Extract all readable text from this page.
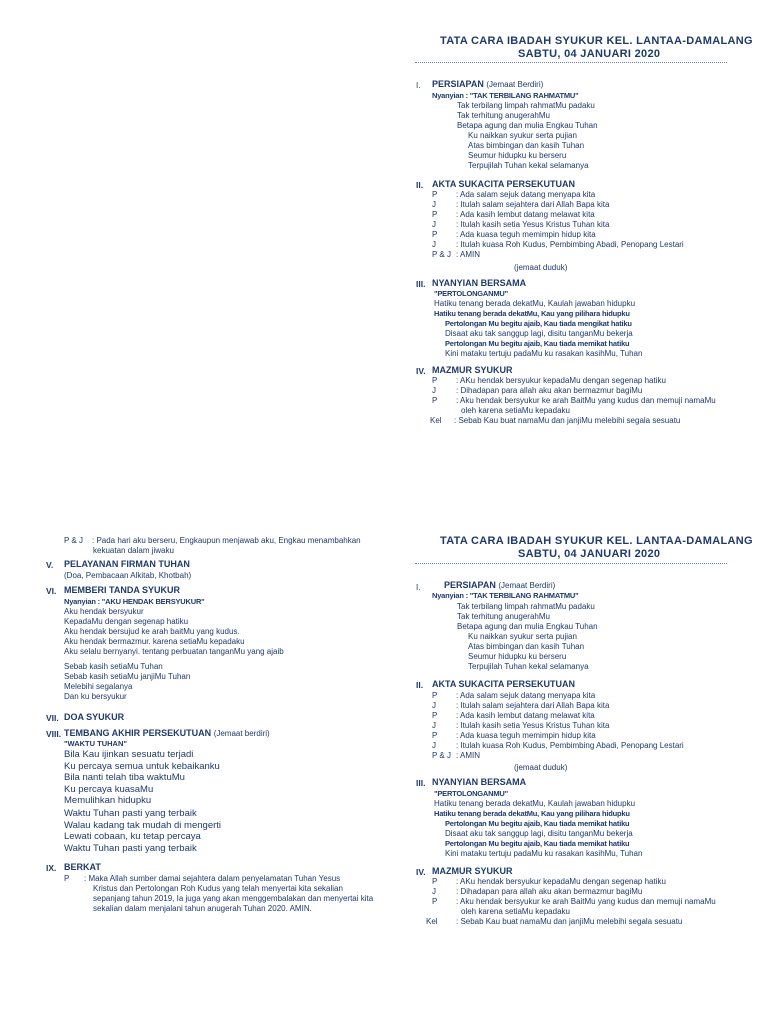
TATA CARA IBADAH SYUKUR KEL. LANTAA-DAMALANG
SABTU, 04 JANUARI 2020
I. PERSIAPAN (Jemaat Berdiri)
Nyanyian : "TAK TERBILANG RAHMATMU"
Tak terbilang limpah rahmatMu padaku
Tak terhitung anugerahMu
Betapa agung dan mulia Engkau Tuhan
Ku naikkan syukur serta pujian
Atas bimbingan dan kasih Tuhan
Seumur hidupku ku berseru
Terpujilah Tuhan kekal selamanya
II. AKTA SUKACITA PERSEKUTUAN
P : Ada salam sejuk datang menyapa kita
J	: Itulah salam sejahtera dari Allah Bapa kita
P : Ada kasih lembut datang melawat kita
J	: Itulah kasih setia Yesus Kristus Tuhan kita
P : Ada kuasa teguh memimpin hidup kita
J	: Itulah kuasa Roh Kudus, Pembimbing Abadi, Penopang Lestari
P & J : AMIN
(jemaat duduk)
III. NYANYIAN BERSAMA
"PERTOLONGANMU"
Hatiku tenang berada dekatMu, Kaulah jawaban hidupku
Hatiku tenang berada dekatMu, Kau yang pilihara hidupku
Pertolongan Mu begitu ajaib, Kau tiada mengikat hatiku
Disaat aku tak sanggup lagi, disitu tanganMu bekerja
Pertolongan Mu begitu ajaib, Kau tiada memikat hatiku
Kini mataku tertuju padaMu ku rasakan kasihMu, Tuhan
IV. MAZMUR SYUKUR
P : AKu hendak bersyukur kepadaMu dengan segenap hatiku
J	: Dihadapan para allah aku akan bermazmur bagiMu
P : Aku hendak bersyukur ke arah BaitMu yang kudus dan memuji namaMu
oleh karena setiaMu kepadaku
Kel : Sebab Kau buat namaMu dan janjiMu melebihi segala sesuatu
TATA CARA IBADAH SYUKUR KEL. LANTAA-DAMALANG
SABTU, 04 JANUARI 2020
I.	PERSIAPAN (Jemaat Berdiri)
Nyanyian : "TAK TERBILANG RAHMATMU"
Tak terbilang limpah rahmatMu padaku
Tak terhitung anugerahMu
Betapa agung dan mulia Engkau Tuhan
Ku naikkan syukur serta pujian
Atas bimbingan dan kasih Tuhan
Seumur hidupku ku berseru
Terpujilah Tuhan kekal selamanya
II. AKTA SUKACITA PERSEKUTUAN
P : Ada salam sejuk datang menyapa kita
J	: Itulah salam sejahtera dari Allah Bapa kita
P : Ada kasih lembut datang melawat kita
J	: Itulah kasih setia Yesus Kristus Tuhan kita
P : Ada kuasa teguh memimpin hidup kita
J	: Itulah kuasa Roh Kudus, Pembimbing Abadi, Penopang Lestari
P & J : AMIN
(jemaat duduk)
III. NYANYIAN BERSAMA
"PERTOLONGANMU"
Hatiku tenang berada dekatMu, Kaulah jawaban hidupku
Hatiku tenang berada dekatMu, Kau yang pilihara hidupku
Pertolongan Mu begitu ajaib, Kau tiada memikat hatiku
Disaat aku tak sanggup lagi, disitu tanganMu bekerja
Pertolongan Mu begitu ajaib, Kau tiada memikat hatiku
Kini mataku tertuju padaMu ku rasakan kasihMu, Tuhan
IV. MAZMUR SYUKUR
P : AKu hendak bersyukur kepadaMu dengan segenap hatiku
J	: Dihadapan para allah aku akan bermazmur bagiMu
P : Aku hendak bersyukur ke arah BaitMu yang kudus dan memuji namaMu
oleh karena setiaMu kepadaku
Kel : Sebab Kau buat namaMu dan janjiMu melebihi segala sesuatu
P & J : Pada hari aku berseru, Engkaupun menjawab aku, Engkau menambahkan
kekuatan dalam jiwaku
V. PELAYANAN FIRMAN TUHAN
(Doa, Pembacaan Alkitab, Khotbah)
VI. MEMBERI TANDA SYUKUR
Nyanyian : "AKU HENDAK BERSYUKUR"
Aku hendak bersyukur
KepadaMu dengan segenap hatiku
Aku hendak bersujud ke arah baitMu yang kudus.
Aku hendak bermazmur. karena setiaMu kepadaku
Aku selalu bernyanyi. tentang perbuatan tanganMu yang ajaib
Sebab kasih setiaMu Tuhan
Sebab kasih setiaMu janjiMu Tuhan
Melebihi segalanya
Dan ku bersyukur
VII. DOA SYUKUR
VIII. TEMBANG AKHIR PERSEKUTUAN (Jemaat berdiri)
"WAKTU TUHAN"
Bila Kau ijinkan sesuatu terjadi
Ku percaya semua untuk kebaikanku
Bila nanti telah tiba waktuMu
Ku percaya kuasaMu
Memulihkan hidupku
Waktu Tuhan pasti yang terbaik
Walau kadang tak mudah di mengerti
Lewati cobaan, ku tetap percaya
Waktu Tuhan pasti yang terbaik
IX. BERKAT
P : Maka Allah sumber damai sejahtera dalam penyelamatan Tuhan Yesus
Kristus dan Pertolongan Roh Kudus yang telah menyertai kita sekalian
sepanjang tahun 2019, Ia juga yang akan menggembalakan dan menyertai kita
sekalian dalam menjalani tahun anugerah Tuhan 2020. AMIN.
